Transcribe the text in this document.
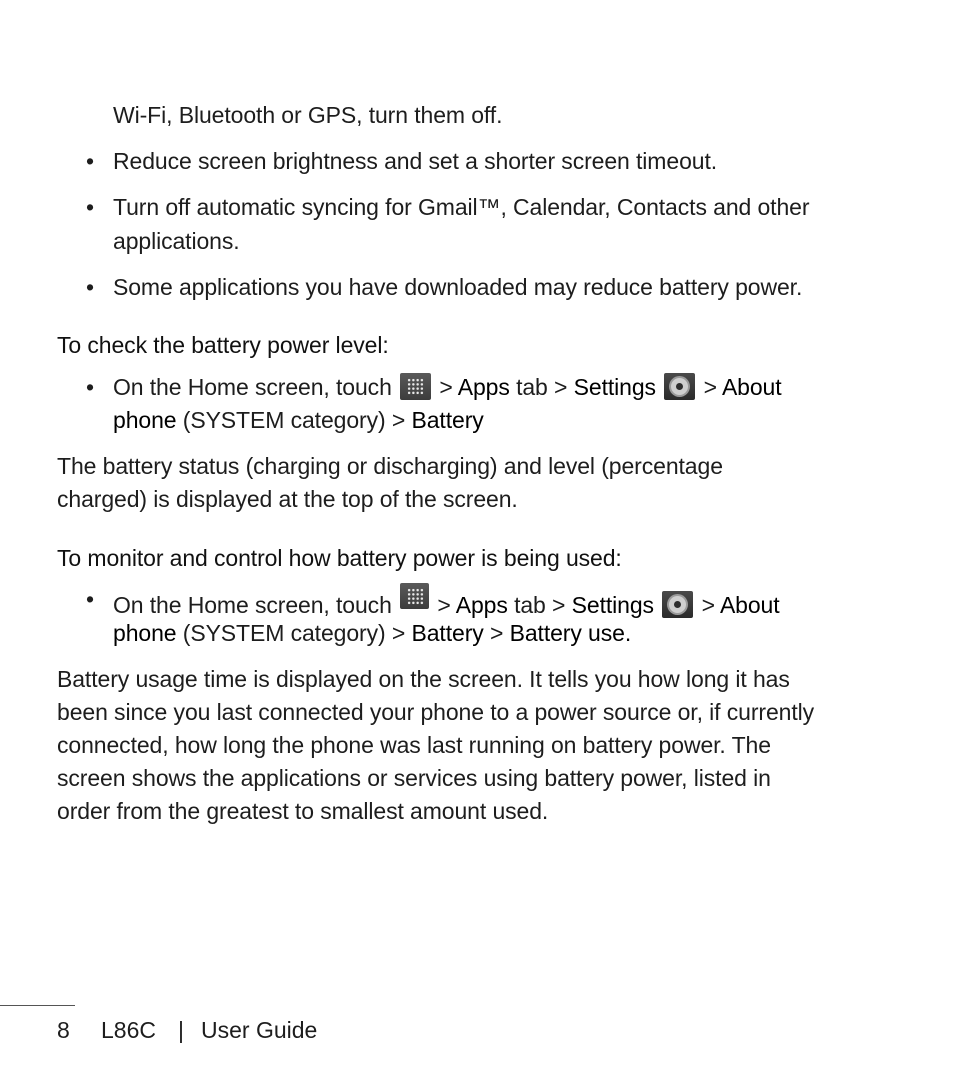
Wi-Fi, Bluetooth or GPS, turn them off.
• Reduce screen brightness and set a shorter screen timeout.
• Turn off automatic syncing for Gmail™, Calendar, Contacts and other
applications.
• Some applications you have downloaded may reduce battery power.
To check the battery power level:
• On the Home screen, touch > Apps tab > Settings > About
phone (SYSTEM category) > Battery
The battery status (charging or discharging) and level (percentage
charged) is displayed at the top of the screen.
To monitor and control how battery power is being used:
• On the Home screen, touch > Apps tab > Settings > About
phone (SYSTEM category) > Battery > Battery use.
Battery usage time is displayed on the screen. It tells you how long it has
been since you last connected your phone to a power source or, if currently
connected, how long the phone was last running on battery power. The
screen shows the applications or services using battery power, listed in
order from the greatest to smallest amount used.
8 L86C | User Guide
